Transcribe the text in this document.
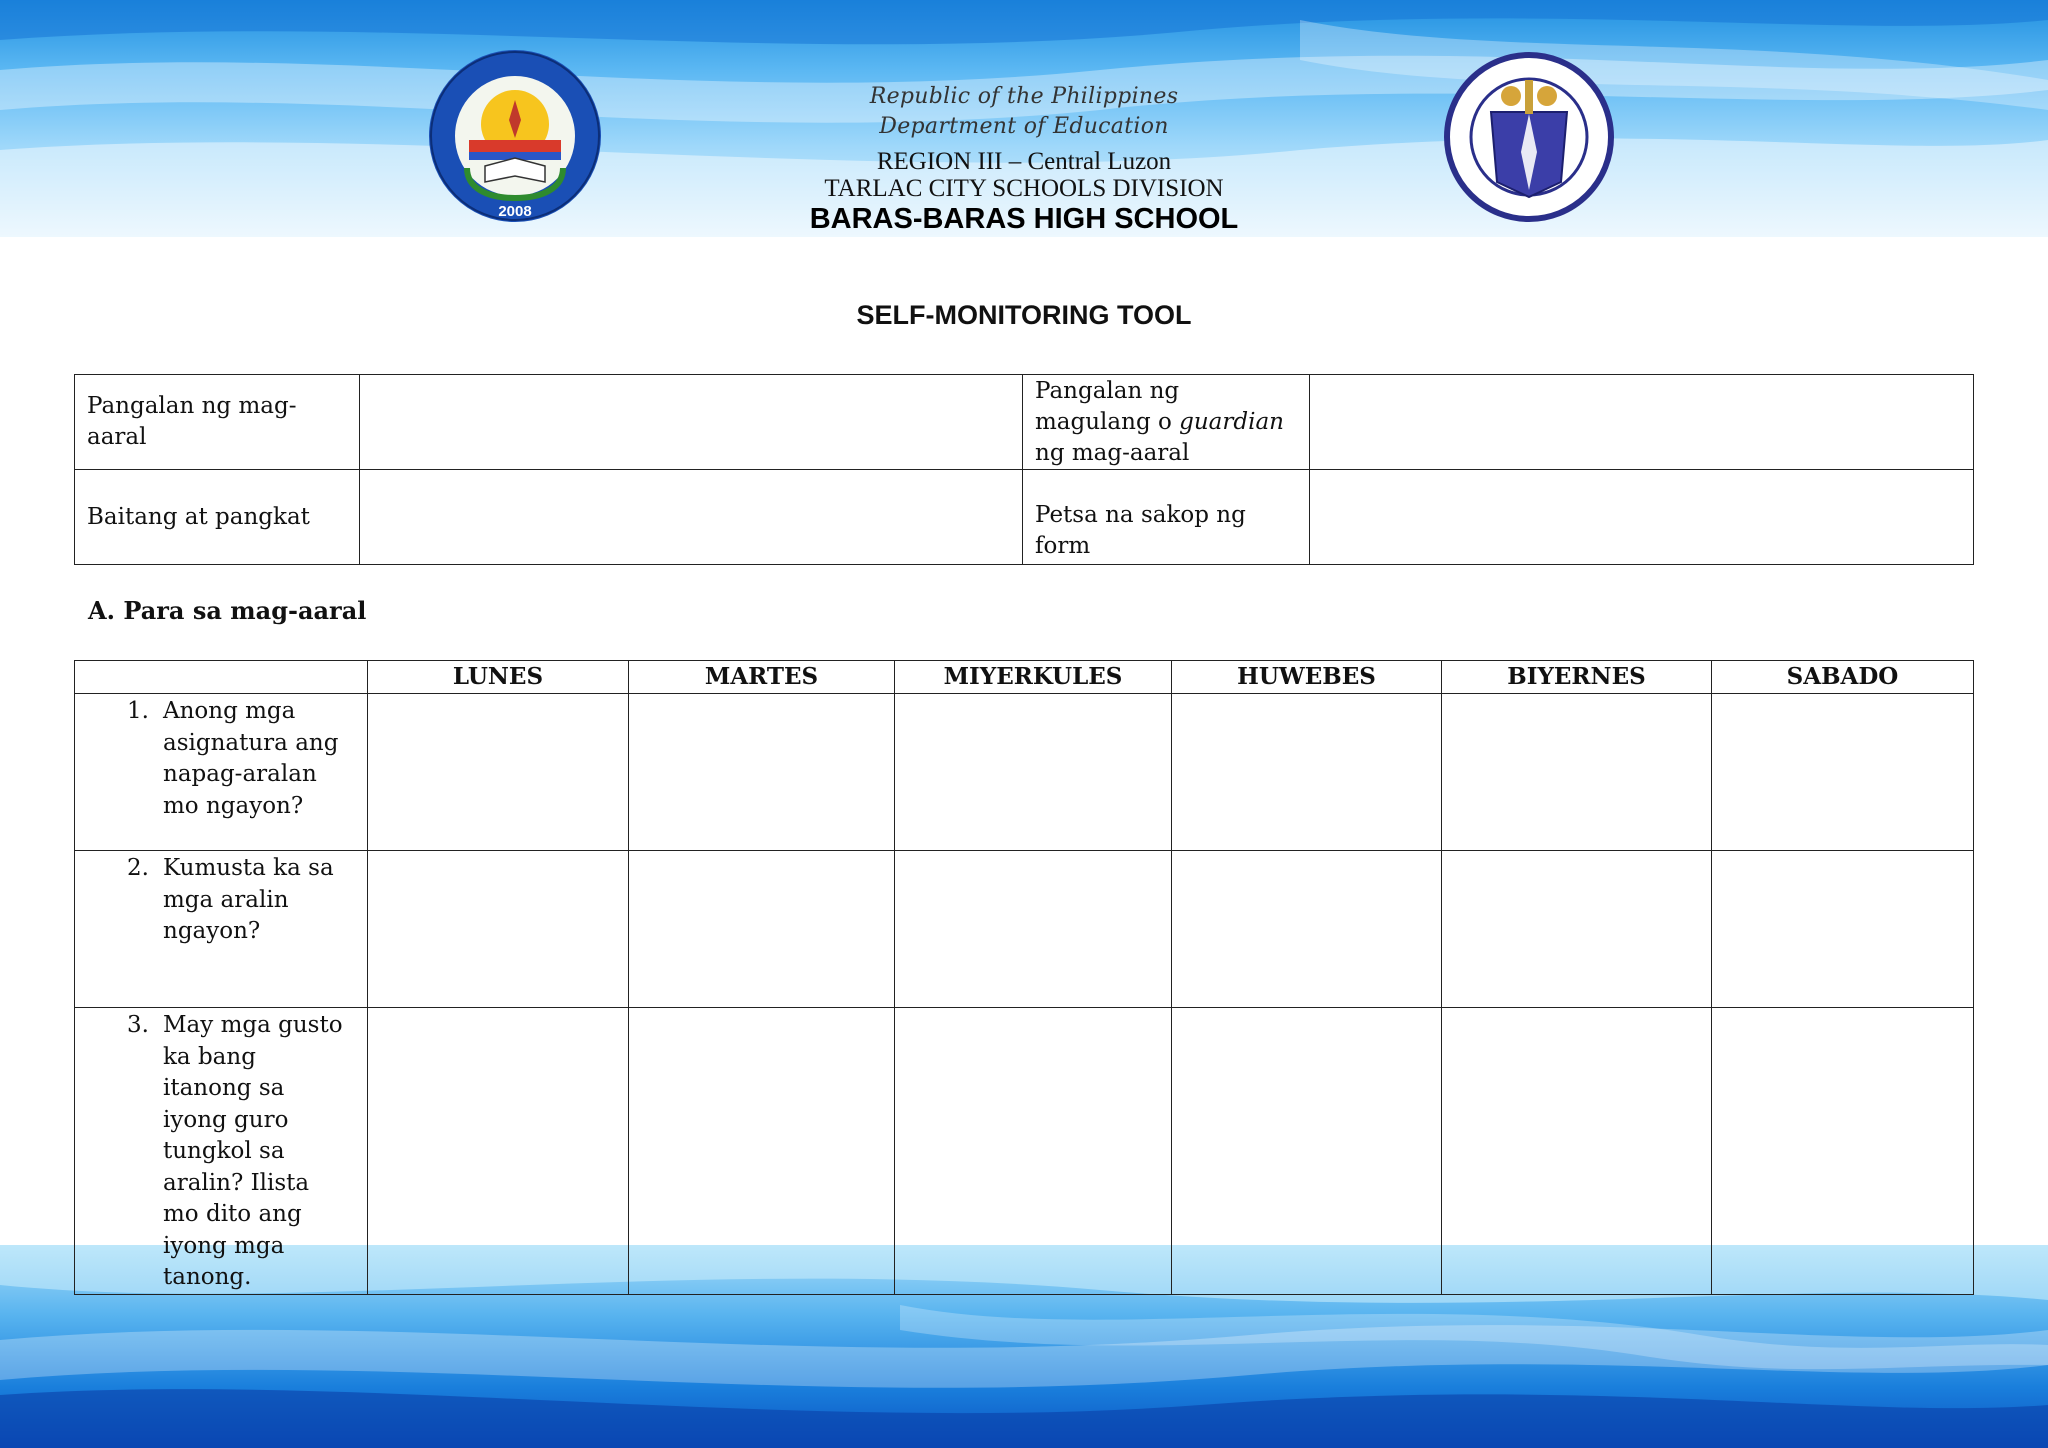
2008
Republic of the Philippines
Department of Education
REGION III – Central Luzon
TARLAC CITY SCHOOLS DIVISION
BARAS-BARAS HIGH SCHOOL
SELF-MONITORING TOOL
Pangalan ng mag-aaral		Pangalan ng magulang o guardian ng mag-aaral	
Baitang at pangkat		Petsa na sakop ng form	
A. Para sa mag-aaral
	LUNES	MARTES	MIYERKULES	HUWEBES	BIYERNES	SABADO

1. Anong mga asignatura ang napag-aralan mo ngayon?						

2. Kumusta ka sa mga aralin ngayon?						

3. May mga gusto ka bang itanong sa iyong guro tungkol sa aralin? Ilista mo dito ang iyong mga tanong.						
